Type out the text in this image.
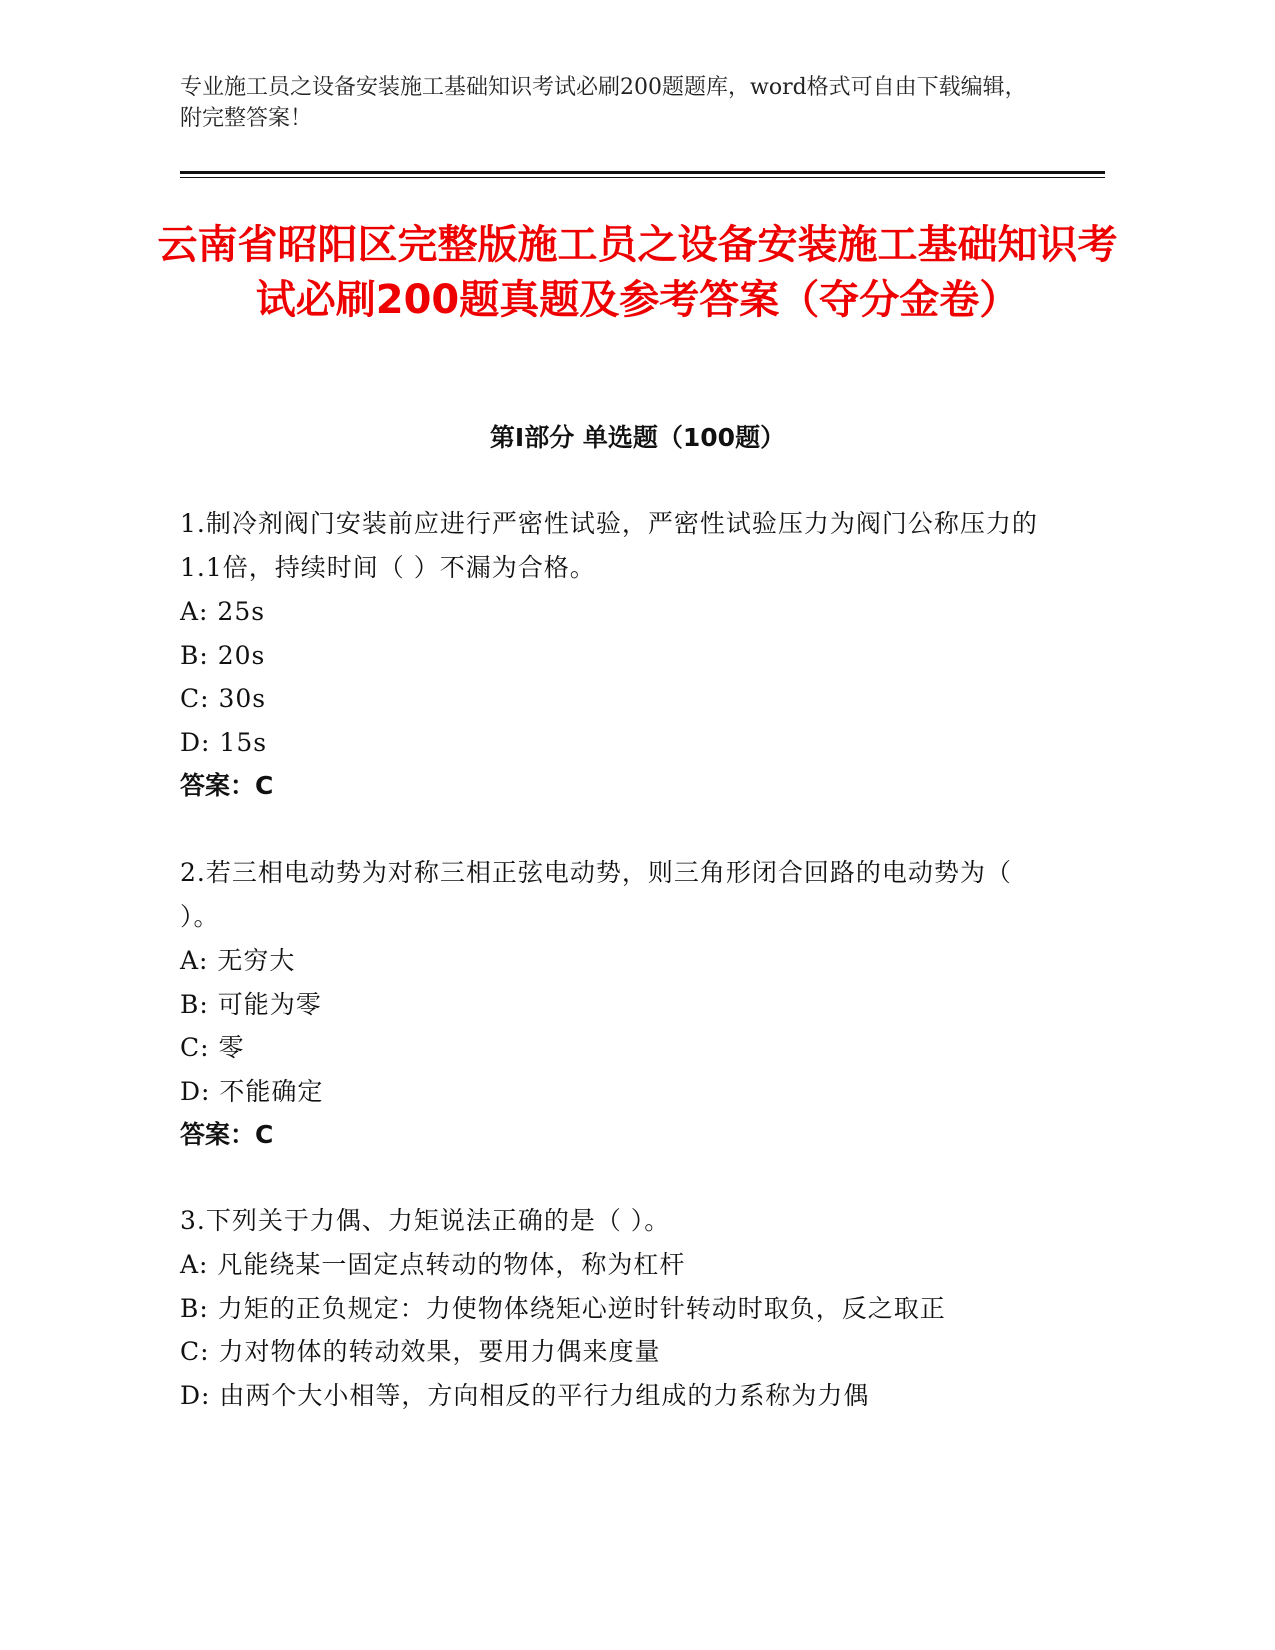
专业施工员之设备安装施工基础知识考试必刷200题题库，word格式可自由下载编辑，附完整答案！

云南省昭阳区完整版施工员之设备安装施工基础知识考试必刷200题真题及参考答案（夺分金卷）
第Ⅰ部分 单选题（100题）

1.制冷剂阀门安装前应进行严密性试验，严密性试验压力为阀门公称压力的1.1倍，持续时间（ ）不漏为合格。

A: 25s

B: 20s

C: 30s

D: 15s

答案：C

2.若三相电动势为对称三相正弦电动势，则三角形闭合回路的电动势为（ ）。

A: 无穷大

B: 可能为零

C: 零

D: 不能确定

答案：C

3.下列关于力偶、力矩说法正确的是（ ）。

A: 凡能绕某一固定点转动的物体，称为杠杆

B: 力矩的正负规定：力使物体绕矩心逆时针转动时取负，反之取正

C: 力对物体的转动效果，要用力偶来度量

D: 由两个大小相等，方向相反的平行力组成的力系称为力偶
